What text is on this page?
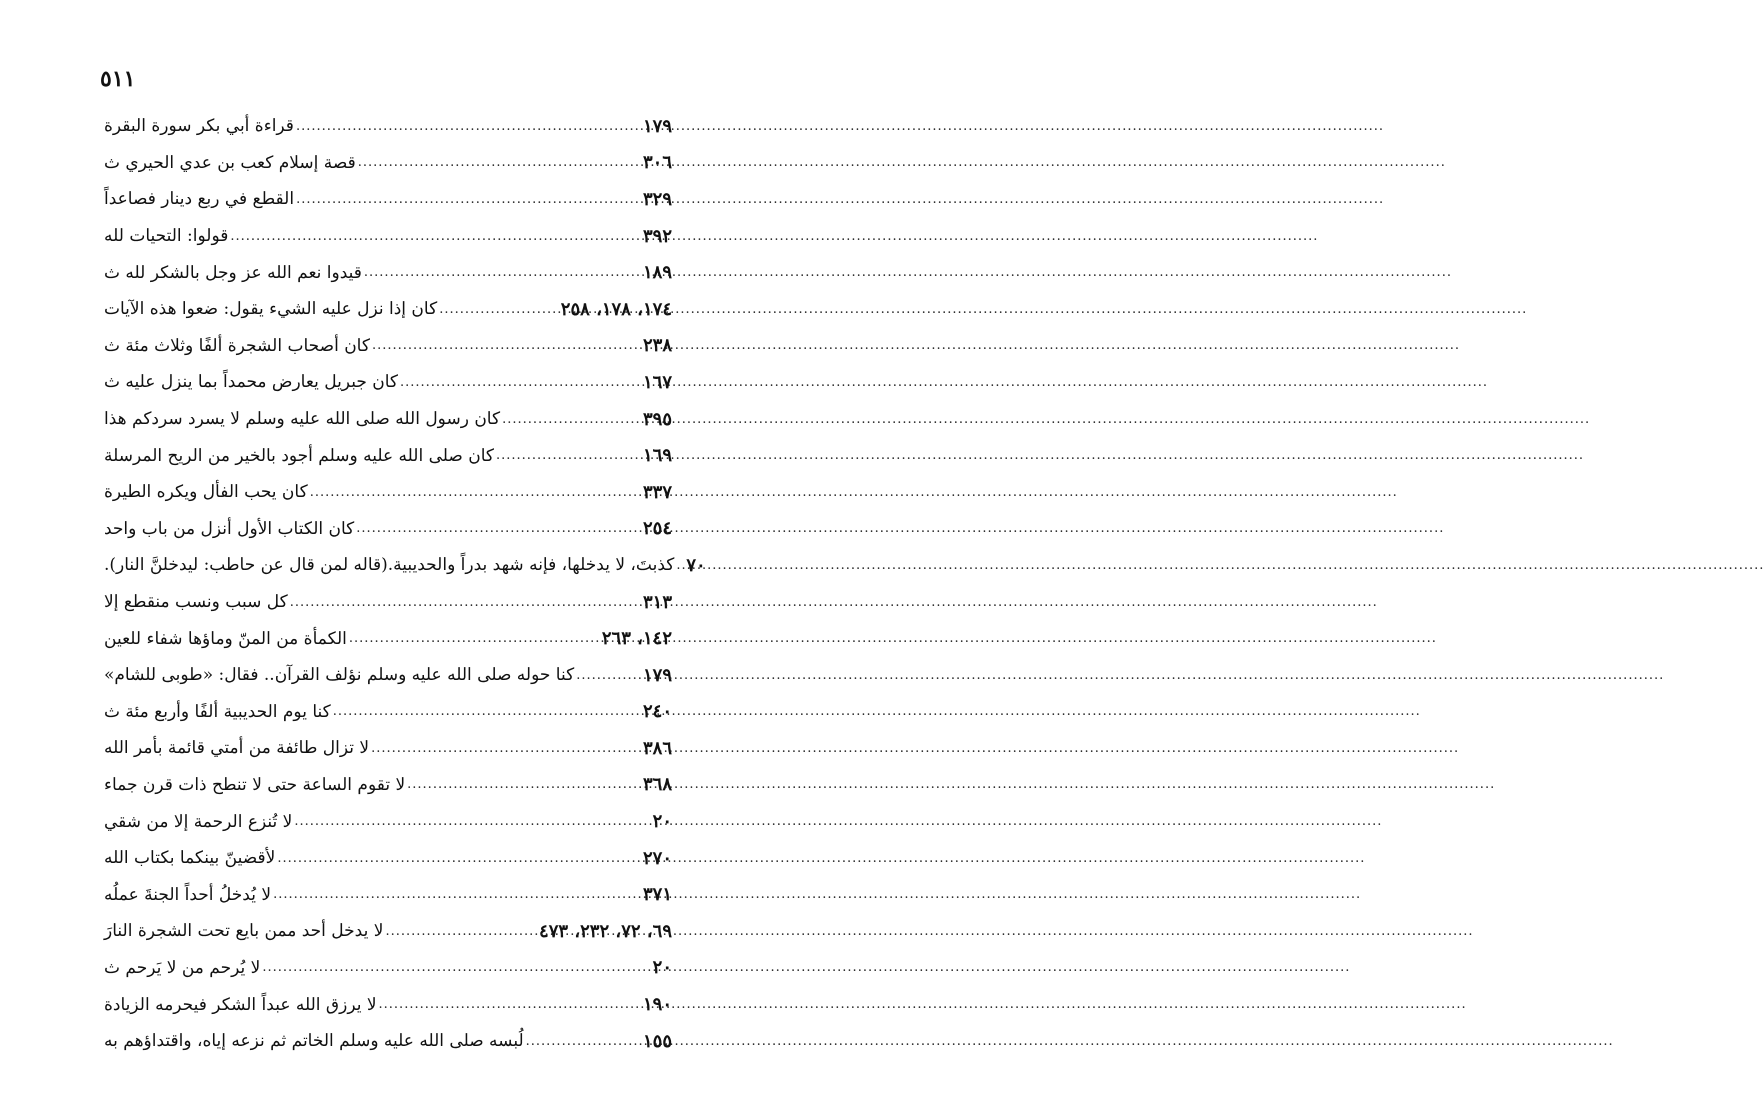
٥١١
قراءة أبي بكر سورة البقرة .....	١٧٩
قصة إسلام كعب بن عدي الحيري ث .....	٣٠٦
القطع في ربع دينار فصاعداً .....	٣٢٩
قولوا: التحيات لله .....	٣٩٢
قيدوا نعم الله عز وجل بالشكر لله ث .....	١٨٩
كان إذا نزل عليه الشيء يقول: ضعوا هذه الآيات .....	١٧٤، ١٧٨، ٢٥٨
كان أصحاب الشجرة ألفًا وثلاث مئة ث .....	٢٣٨
كان جبريل يعارض محمداً بما ينزل عليه ث .....	١٦٧
كان رسول الله صلى الله عليه وسلم لا يسرد سردكم هذا .....	٣٩٥
كان صلى الله عليه وسلم أجود بالخير من الريح المرسلة .....	١٦٩
كان يحب الفأل ويكره الطيرة .....	٣٣٧
كان الكتاب الأول أنزل من باب واحد .....	٢٥٤
كذبتَ، لا يدخلها، فإنه شهد بدراً والحديبية.(قاله لمن قال عن حاطب: ليدخلنَّ النار). ..... ٧٠
كل سبب ونسب منقطع إلا .....	٣١٣
الكمأة من المنّ وماؤها شفاء للعين .....	١٤٢، ٢٦٣
كنا حوله صلى الله عليه وسلم نؤلف القرآن.. فقال: «طوبى للشام» .....	١٧٩
كنا يوم الحديبية ألفًا وأربع مئة ث .....	٢٤٠
لا تزال طائفة من أمتي قائمة بأمر الله .....	٣٨٦
لا تقوم الساعة حتى لا تنطح ذات قرن جماء .....	٣٦٨
لا تُنزع الرحمة إلا من شقي .....	٢٠
لأقضينّ بينكما بكتاب الله .....	٢٧٠
لا يُدخلُ أحداً الجنةَ عملُه .....	٣٧١
لا يدخل أحد ممن بايع تحت الشجرة النارَ .....	٦٩، ٧٢، ٢٣٢، ٤٧٣
لا يُرحم من لا يَرحم ث .....	٢٠
لا يرزق الله عبداً الشكر فيحرمه الزيادة .....	١٩٠
لُبسه صلى الله عليه وسلم الخاتم ثم نزعه إياه، واقتداؤهم به .....	١٥٥
